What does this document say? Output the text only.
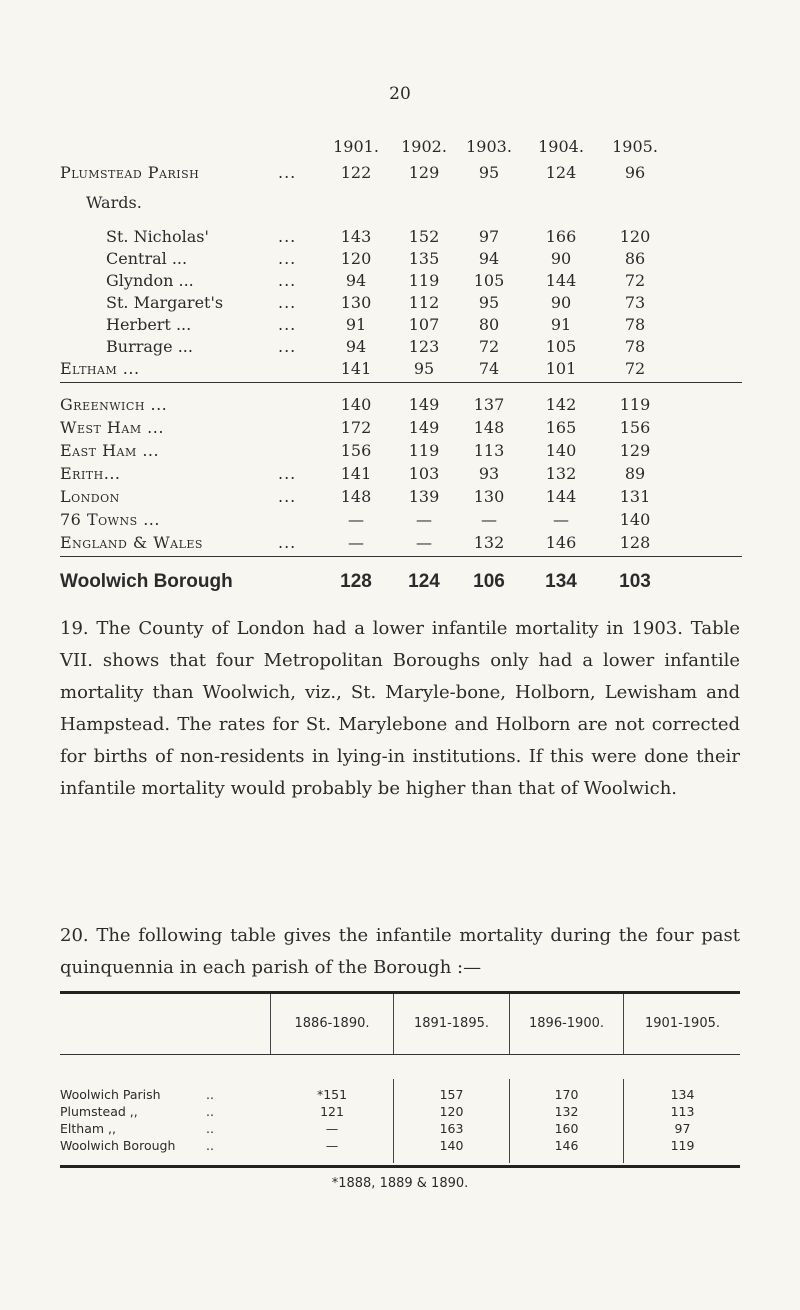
20
1901.	1902.	1903.	1904.	1905.
Plumstead Parish	...	122	129	95	124	96
Wards.
St. Nicholas'	...	143	152	97	166	120
Central ...	...	120	135	94	90	86
Glyndon ...	...	94	119	105	144	72
St. Margaret's	...	130	112	95	90	73
Herbert ...	...	91	107	80	91	78
Burrage ...	...	94	123	72	105	78
Eltham ...	141	95	74	101	72
Greenwich ...	140	149	137	142	119
West Ham ...	172	149	148	165	156
East Ham ...	156	119	113	140	129
Erith...	...	141	103	93	132	89
London	...	148	139	130	144	131
76 Towns ...	—	—	—	—	140
England & Wales	...	—	—	132	146	128
Woolwich Borough	128	124	106	134	103

19. The County of London had a lower infantile mortality in 1903. Table VII. shows that four Metropolitan Boroughs only had a lower infantile mortality than Woolwich, viz., St. Maryle-bone, Holborn, Lewisham and Hampstead. The rates for St. Marylebone and Holborn are not corrected for births of non-residents in lying-in institutions. If this were done their infantile mortality would probably be higher than that of Woolwich.

20. The following table gives the infantile mortality during the four past quinquennia in each parish of the Borough :—

1886-1890.	1891-1895.	1896-1900.	1901-1905.
Woolwich Parish	..	*151	157	170	134
Plumstead ,,	..	121	120	132	113
Eltham ,,	..	—	163	160	97
Woolwich Borough ..	—	140	146	119
*1888, 1889 & 1890.
